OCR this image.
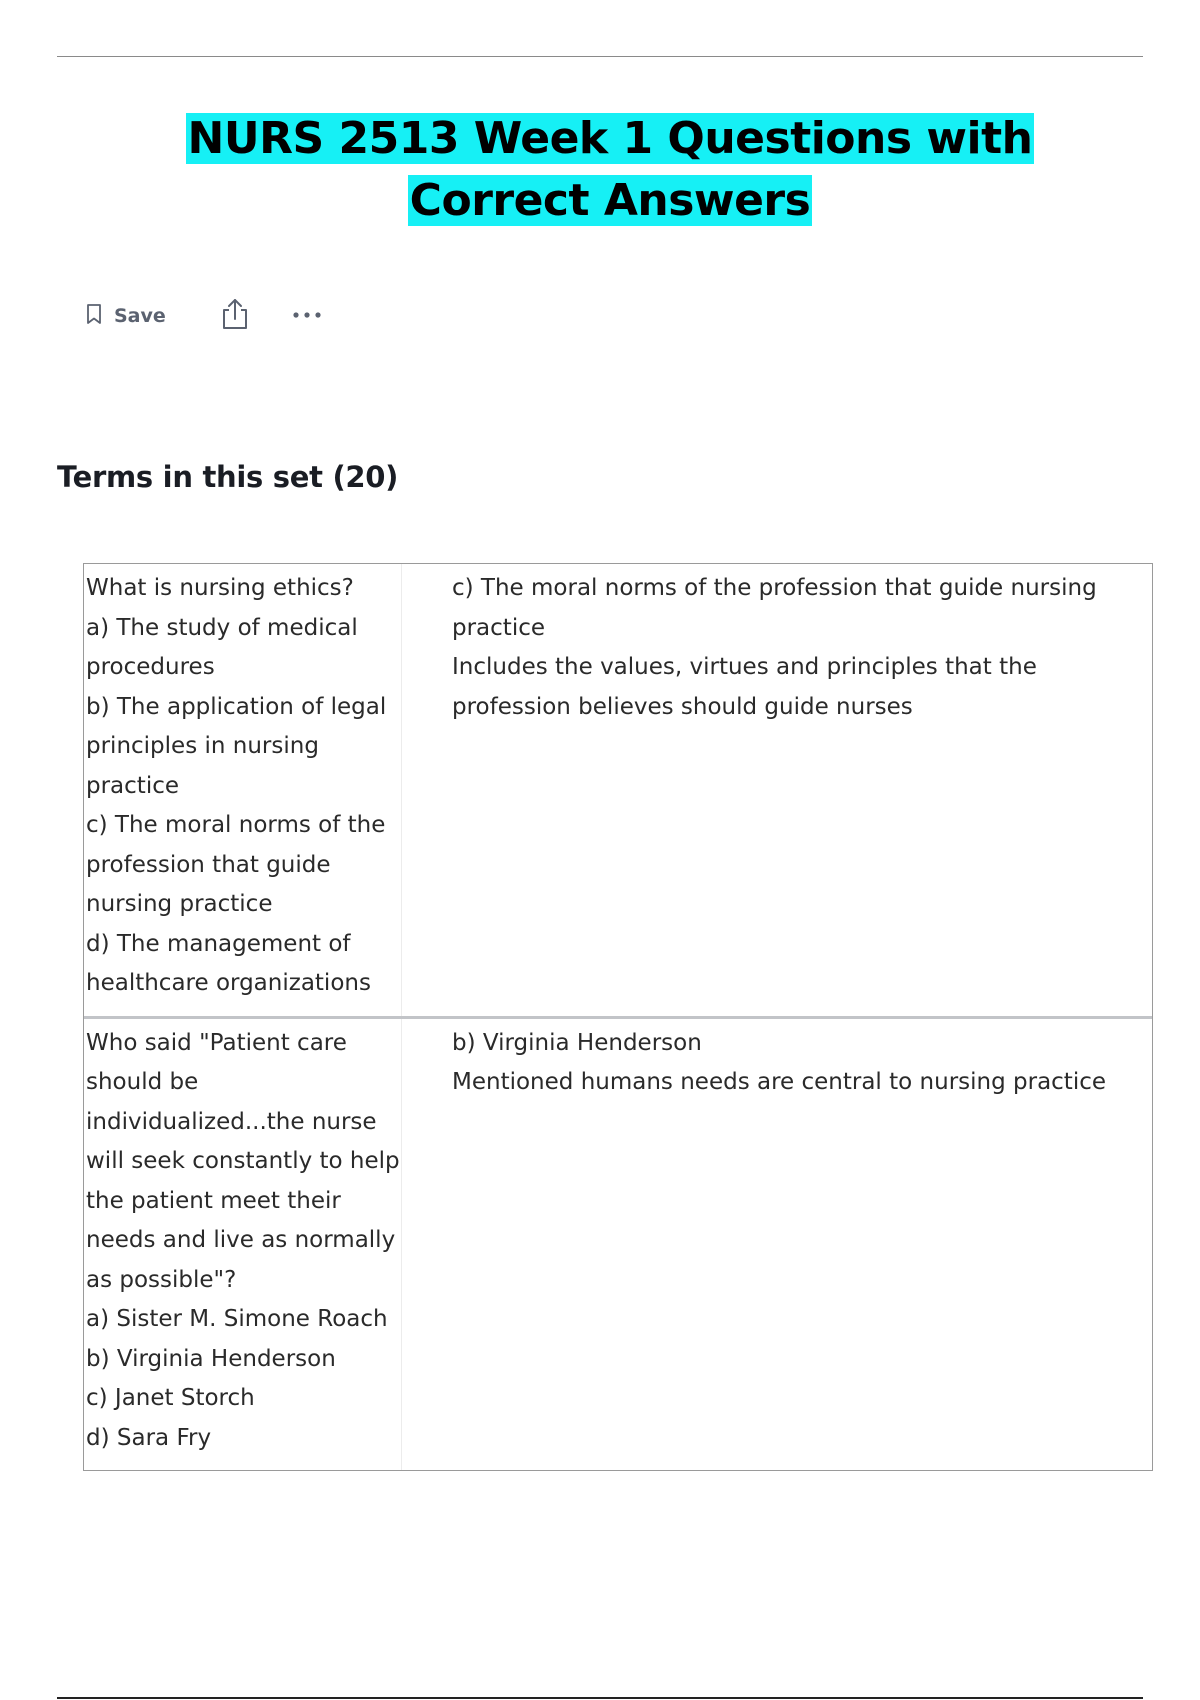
NURS 2513 Week 1 Questions with Correct Answers
Save
Terms in this set (20)
What is nursing ethics?
a) The study of medical procedures
b) The application of legal principles in nursing practice
c) The moral norms of the profession that guide nursing practice
d) The management of healthcare organizations
c) The moral norms of the profession that guide nursing practice
Includes the values, virtues and principles that the profession believes should guide nurses
Who said "Patient care should be individualized...the nurse will seek constantly to help the patient meet their needs and live as normally as possible"?
a) Sister M. Simone Roach
b) Virginia Henderson
c) Janet Storch
d) Sara Fry
b) Virginia Henderson
Mentioned humans needs are central to nursing practice
